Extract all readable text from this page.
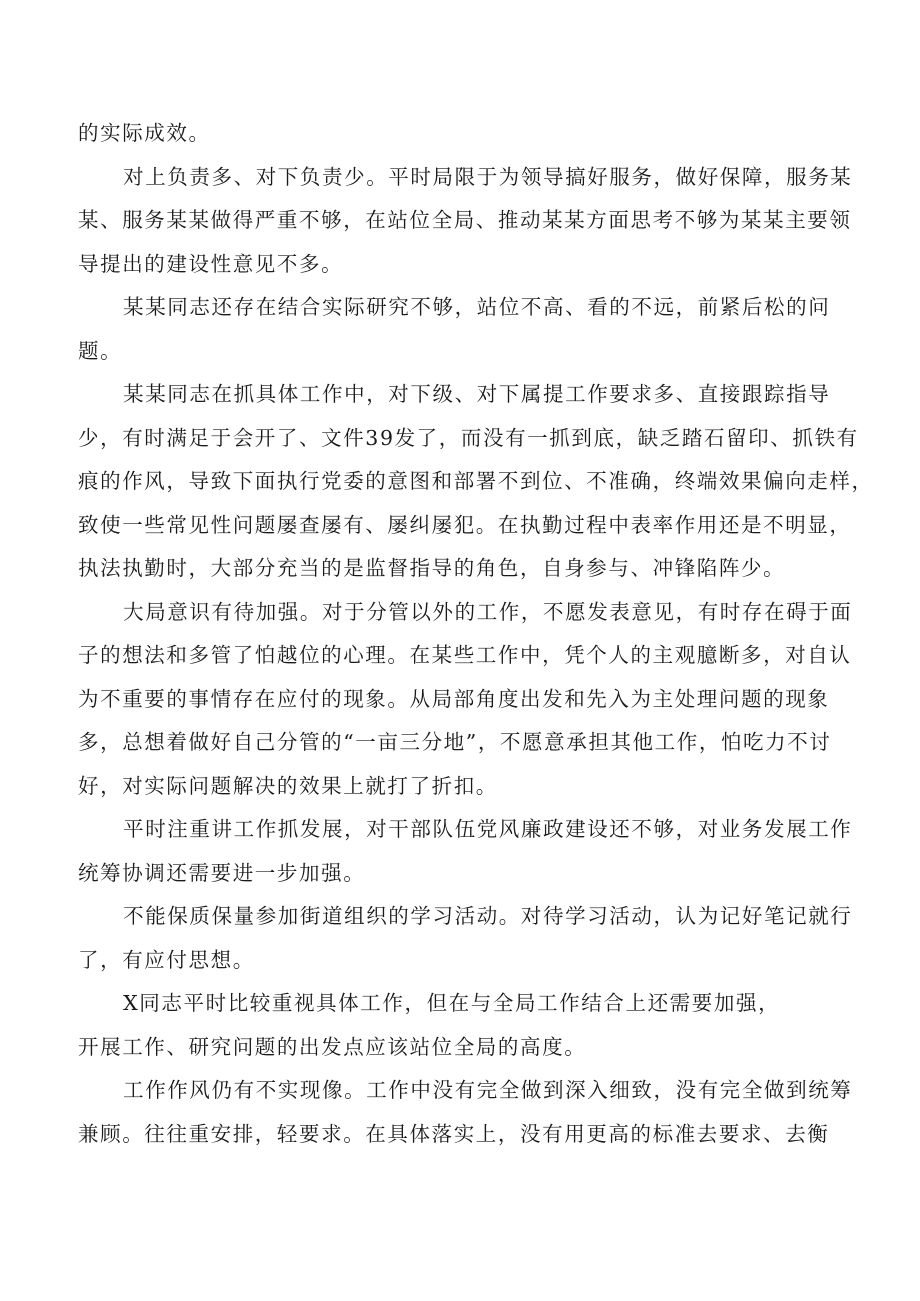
的实际成效。
对上负责多、对下负责少。平时局限于为领导搞好服务，做好保障，服务某
某、服务某某做得严重不够，在站位全局、推动某某方面思考不够为某某主要领
导提出的建设性意见不多。
某某同志还存在结合实际研究不够，站位不高、看的不远，前紧后松的问
题。
某某同志在抓具体工作中，对下级、对下属提工作要求多、直接跟踪指导
少，有时满足于会开了、文件39发了，而没有一抓到底，缺乏踏石留印、抓铁有
痕的作风，导致下面执行党委的意图和部署不到位、不准确，终端效果偏向走样，
致使一些常见性问题屡查屡有、屡纠屡犯。在执勤过程中表率作用还是不明显，
执法执勤时，大部分充当的是监督指导的角色，自身参与、冲锋陷阵少。
大局意识有待加强。对于分管以外的工作，不愿发表意见，有时存在碍于面
子的想法和多管了怕越位的心理。在某些工作中，凭个人的主观臆断多，对自认
为不重要的事情存在应付的现象。从局部角度出发和先入为主处理问题的现象
多，总想着做好自己分管的“一亩三分地”，不愿意承担其他工作，怕吃力不讨
好，对实际问题解决的效果上就打了折扣。
平时注重讲工作抓发展，对干部队伍党风廉政建设还不够，对业务发展工作
统筹协调还需要进一步加强。
不能保质保量参加街道组织的学习活动。对待学习活动，认为记好笔记就行
了，有应付思想。
X同志平时比较重视具体工作，但在与全局工作结合上还需要加强，
开展工作、研究问题的出发点应该站位全局的高度。
工作作风仍有不实现像。工作中没有完全做到深入细致，没有完全做到统筹
兼顾。往往重安排，轻要求。在具体落实上，没有用更高的标准去要求、去衡
